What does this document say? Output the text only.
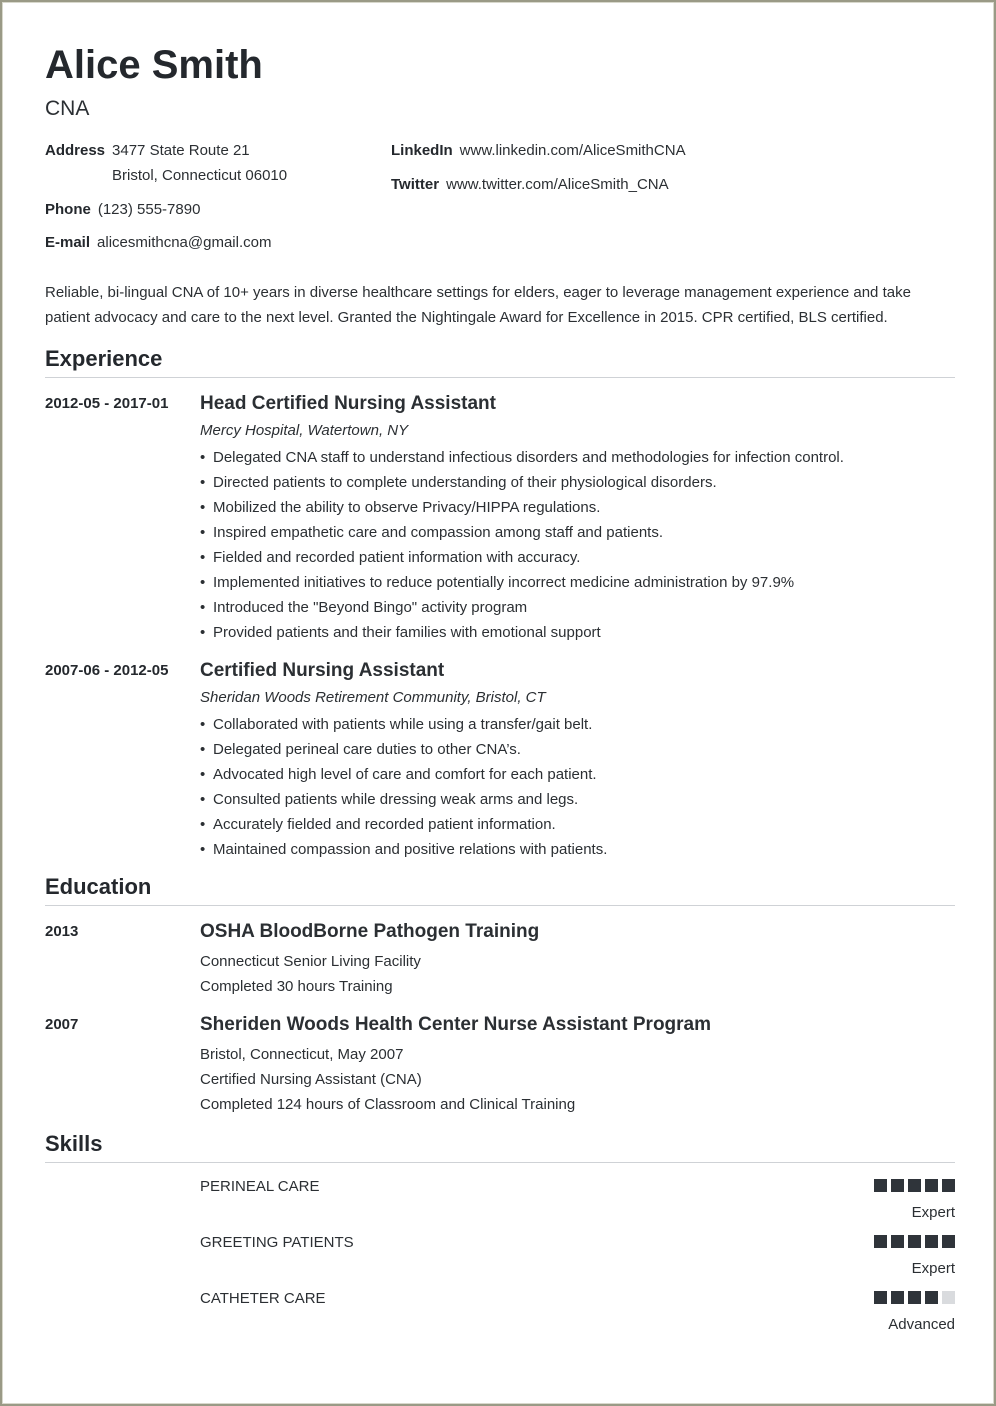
Alice Smith
CNA
Address 3477 State Route 21
Bristol, Connecticut 06010
Phone (123) 555-7890
E-mail alicesmithcna@gmail.com
LinkedIn www.linkedin.com/AliceSmithCNA
Twitter www.twitter.com/AliceSmith_CNA
Reliable, bi-lingual CNA of 10+ years in diverse healthcare settings for elders, eager to leverage management experience and take patient advocacy and care to the next level. Granted the Nightingale Award for Excellence in 2015. CPR certified, BLS certified.
Experience
2012-05 - 2017-01	Head Certified Nursing Assistant
Mercy Hospital, Watertown, NY
• Delegated CNA staff to understand infectious disorders and methodologies for infection control.
• Directed patients to complete understanding of their physiological disorders.
• Mobilized the ability to observe Privacy/HIPPA regulations.
• Inspired empathetic care and compassion among staff and patients.
• Fielded and recorded patient information with accuracy.
• Implemented initiatives to reduce potentially incorrect medicine administration by 97.9%
• Introduced the "Beyond Bingo" activity program
• Provided patients and their families with emotional support
2007-06 - 2012-05	Certified Nursing Assistant
Sheridan Woods Retirement Community, Bristol, CT
• Collaborated with patients while using a transfer/gait belt.
• Delegated perineal care duties to other CNA’s.
• Advocated high level of care and comfort for each patient.
• Consulted patients while dressing weak arms and legs.
• Accurately fielded and recorded patient information.
• Maintained compassion and positive relations with patients.
Education
2013	OSHA BloodBorne Pathogen Training
Connecticut Senior Living Facility
Completed 30 hours Training
2007	Sheriden Woods Health Center Nurse Assistant Program
Bristol, Connecticut, May 2007
Certified Nursing Assistant (CNA)
Completed 124 hours of Classroom and Clinical Training
Skills
PERINEAL CARE
Expert
GREETING PATIENTS
Expert
CATHETER CARE
Advanced
